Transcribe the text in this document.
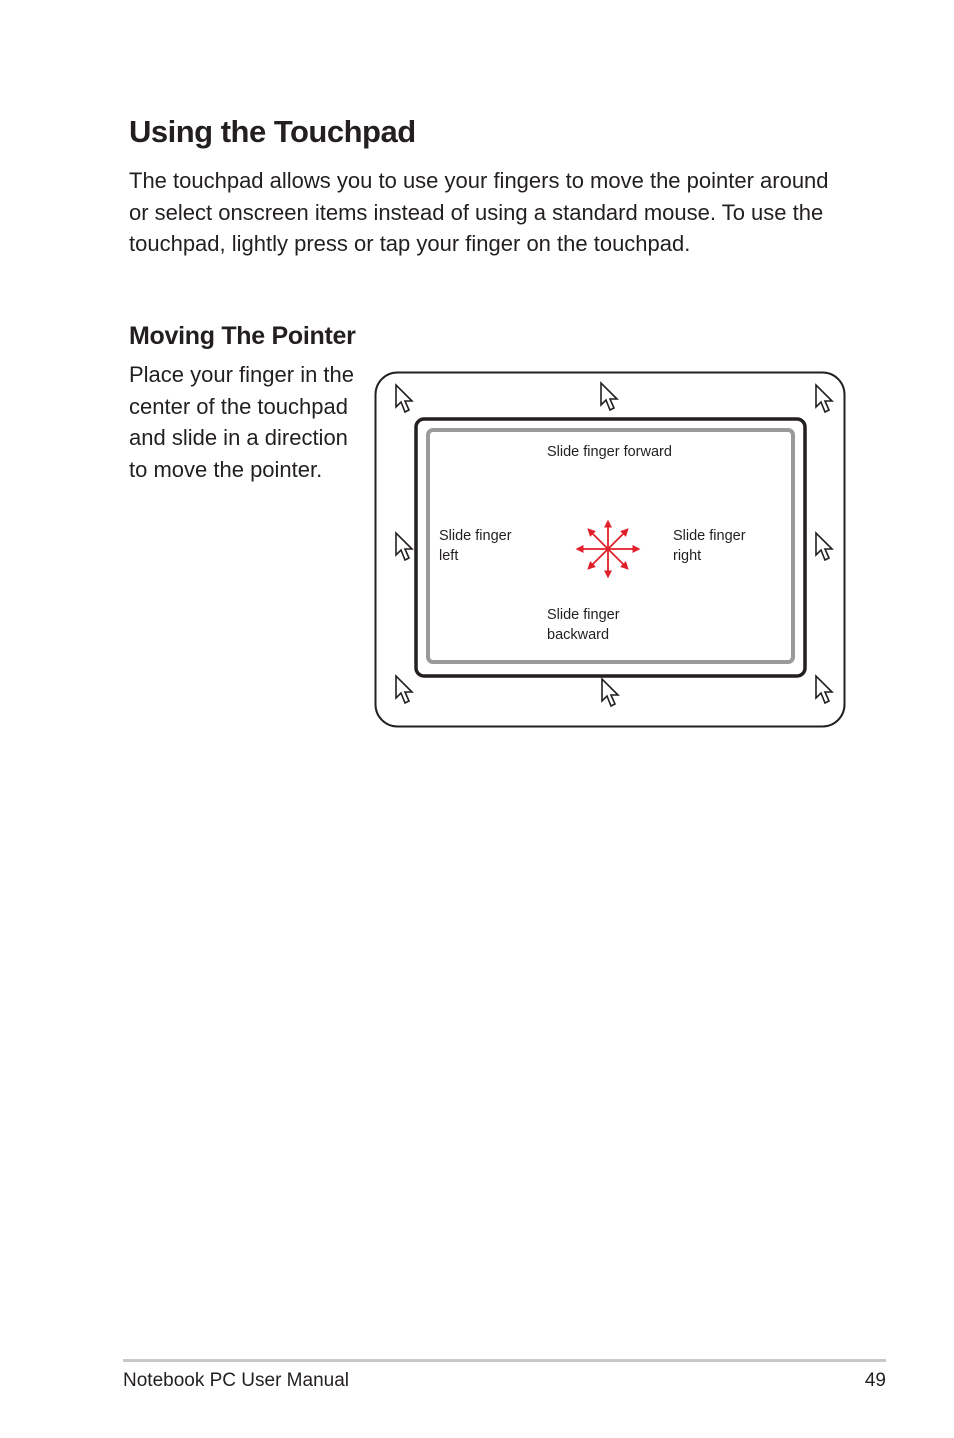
Using the Touchpad

The touchpad allows you to use your fingers to move the pointer around or select onscreen items instead of using a standard mouse. To use the touchpad, lightly press or tap your finger on the touchpad.

Moving The Pointer

Place your finger in the center of the touchpad and slide in a direction to move the pointer.

Slide finger forward
Slide finger
left
Slide finger
right
Slide finger
backward
Notebook PC User Manual	49
